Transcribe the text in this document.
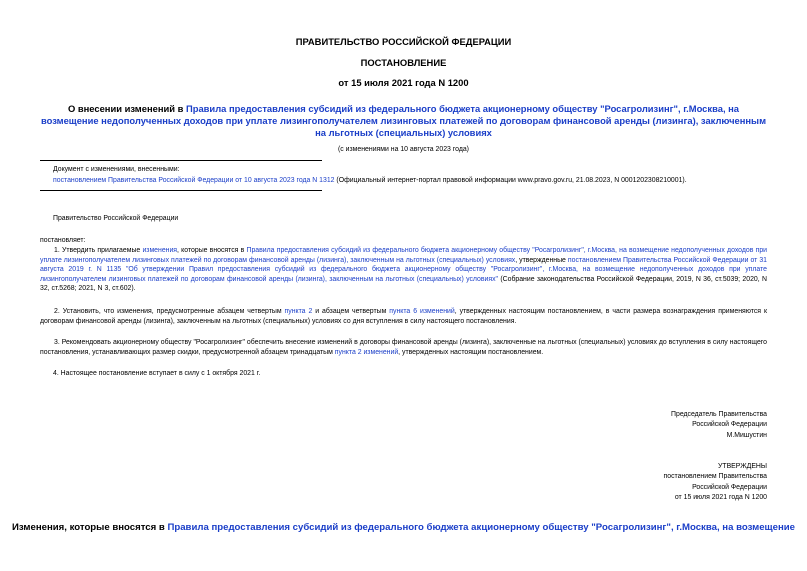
ПРАВИТЕЛЬСТВО РОССИЙСКОЙ ФЕДЕРАЦИИ
ПОСТАНОВЛЕНИЕ
от 15 июля 2021 года N 1200
О внесении изменений в Правила предоставления субсидий из федерального бюджета акционерному обществу "Росагролизинг", г.Москва, на возмещение недополученных доходов при уплате лизингополучателем лизинговых платежей по договорам финансовой аренды (лизинга), заключенным на льготных (специальных) условиях
(с изменениями на 10 августа 2023 года)
Документ с изменениями, внесенными:
постановлением Правительства Российской Федерации от 10 августа 2023 года N 1312 (Официальный интернет-портал правовой информации www.pravo.gov.ru, 21.08.2023, N 0001202308210001).
Правительство Российской Федерации
постановляет:
1. Утвердить прилагаемые изменения, которые вносятся в Правила предоставления субсидий из федерального бюджета акционерному обществу "Росагролизинг", г.Москва, на возмещение недополученных доходов при уплате лизингополучателем лизинговых платежей по договорам финансовой аренды (лизинга), заключенным на льготных (специальных) условиях, утвержденные постановлением Правительства Российской Федерации от 31 августа 2019 г. N 1135 "Об утверждении Правил предоставления субсидий из федерального бюджета акционерному обществу "Росагролизинг", г.Москва, на возмещение недополученных доходов при уплате лизингополучателем лизинговых платежей по договорам финансовой аренды (лизинга), заключенным на льготных (специальных) условиях" (Собрание законодательства Российской Федерации, 2019, N 36, ст.5039; 2020, N 32, ст.5268; 2021, N 3, ст.602).
2. Установить, что изменения, предусмотренные абзацем четвертым пункта 2 и абзацем четвертым пункта 6 изменений, утвержденных настоящим постановлением, в части размера вознаграждения применяются к договорам финансовой аренды (лизинга), заключенным на льготных (специальных) условиях со дня вступления в силу настоящего постановления.
3. Рекомендовать акционерному обществу "Росагролизинг" обеспечить внесение изменений в договоры финансовой аренды (лизинга), заключенные на льготных (специальных) условиях до вступления в силу настоящего постановления, устанавливающих размер скидки, предусмотренной абзацем тринадцатым пункта 2 изменений, утвержденных настоящим постановлением.
4. Настоящее постановление вступает в силу с 1 октября 2021 г.
Председатель Правительства
Российской Федерации
М.Мишустин
УТВЕРЖДЕНЫ
постановлением Правительства
Российской Федерации
от 15 июля 2021 года N 1200
Изменения, которые вносятся в Правила предоставления субсидий из федерального бюджета акционерному обществу "Росагролизинг", г.Москва, на возмещение
